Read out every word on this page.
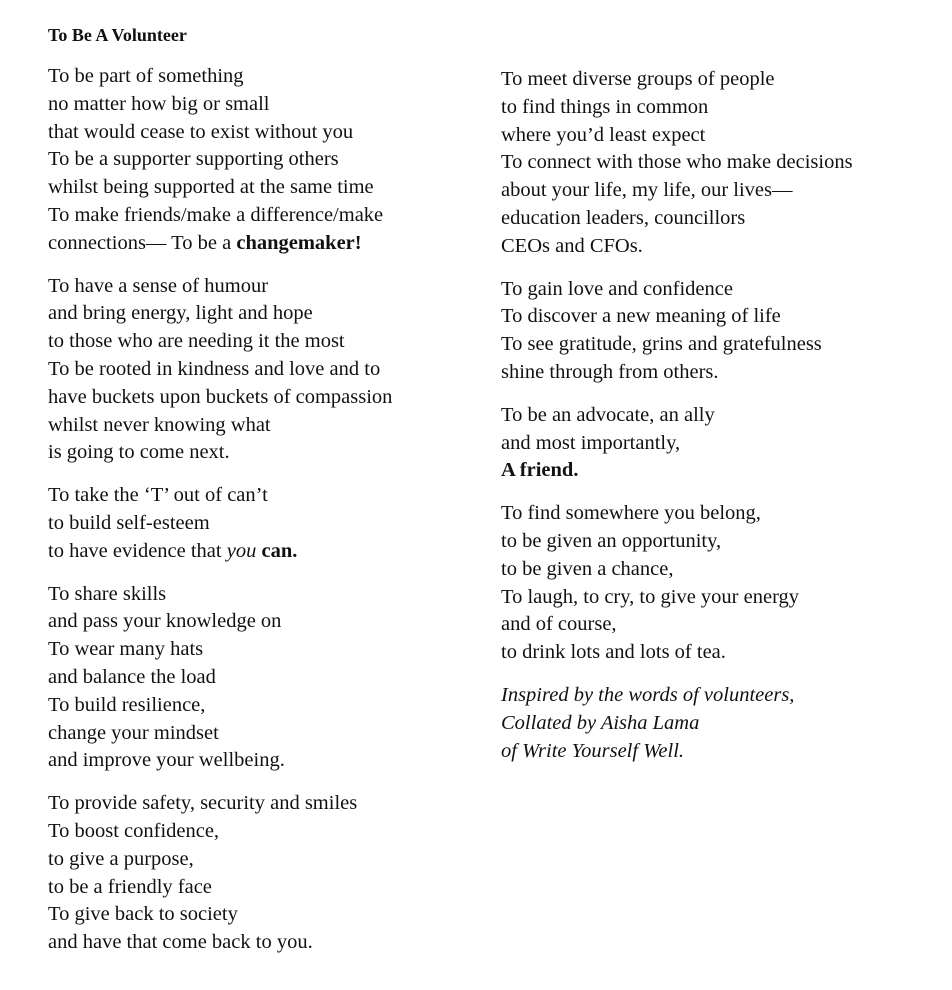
To Be A Volunteer

To be part of something
no matter how big or small
that would cease to exist without you
To be a supporter supporting others
whilst being supported at the same time
To make friends/make a difference/make
connections— To be a changemaker!

To have a sense of humour
and bring energy, light and hope
to those who are needing it the most
To be rooted in kindness and love and to
have buckets upon buckets of compassion
whilst never knowing what
is going to come next.

To take the ‘T’ out of can’t
to build self-esteem
to have evidence that you can.

To share skills
and pass your knowledge on
To wear many hats
and balance the load
To build resilience,
change your mindset
and improve your wellbeing.

To provide safety, security and smiles
To boost confidence,
to give a purpose,
to be a friendly face
To give back to society
and have that come back to you.

To meet diverse groups of people
to find things in common
where you’d least expect
To connect with those who make decisions
about your life, my life, our lives—
education leaders, councillors
CEOs and CFOs.

To gain love and confidence
To discover a new meaning of life
To see gratitude, grins and gratefulness
shine through from others.

To be an advocate, an ally
and most importantly,
A friend.

To find somewhere you belong,
to be given an opportunity,
to be given a chance,
To laugh, to cry, to give your energy
and of course,
to drink lots and lots of tea.

Inspired by the words of volunteers,
Collated by Aisha Lama
of Write Yourself Well.
